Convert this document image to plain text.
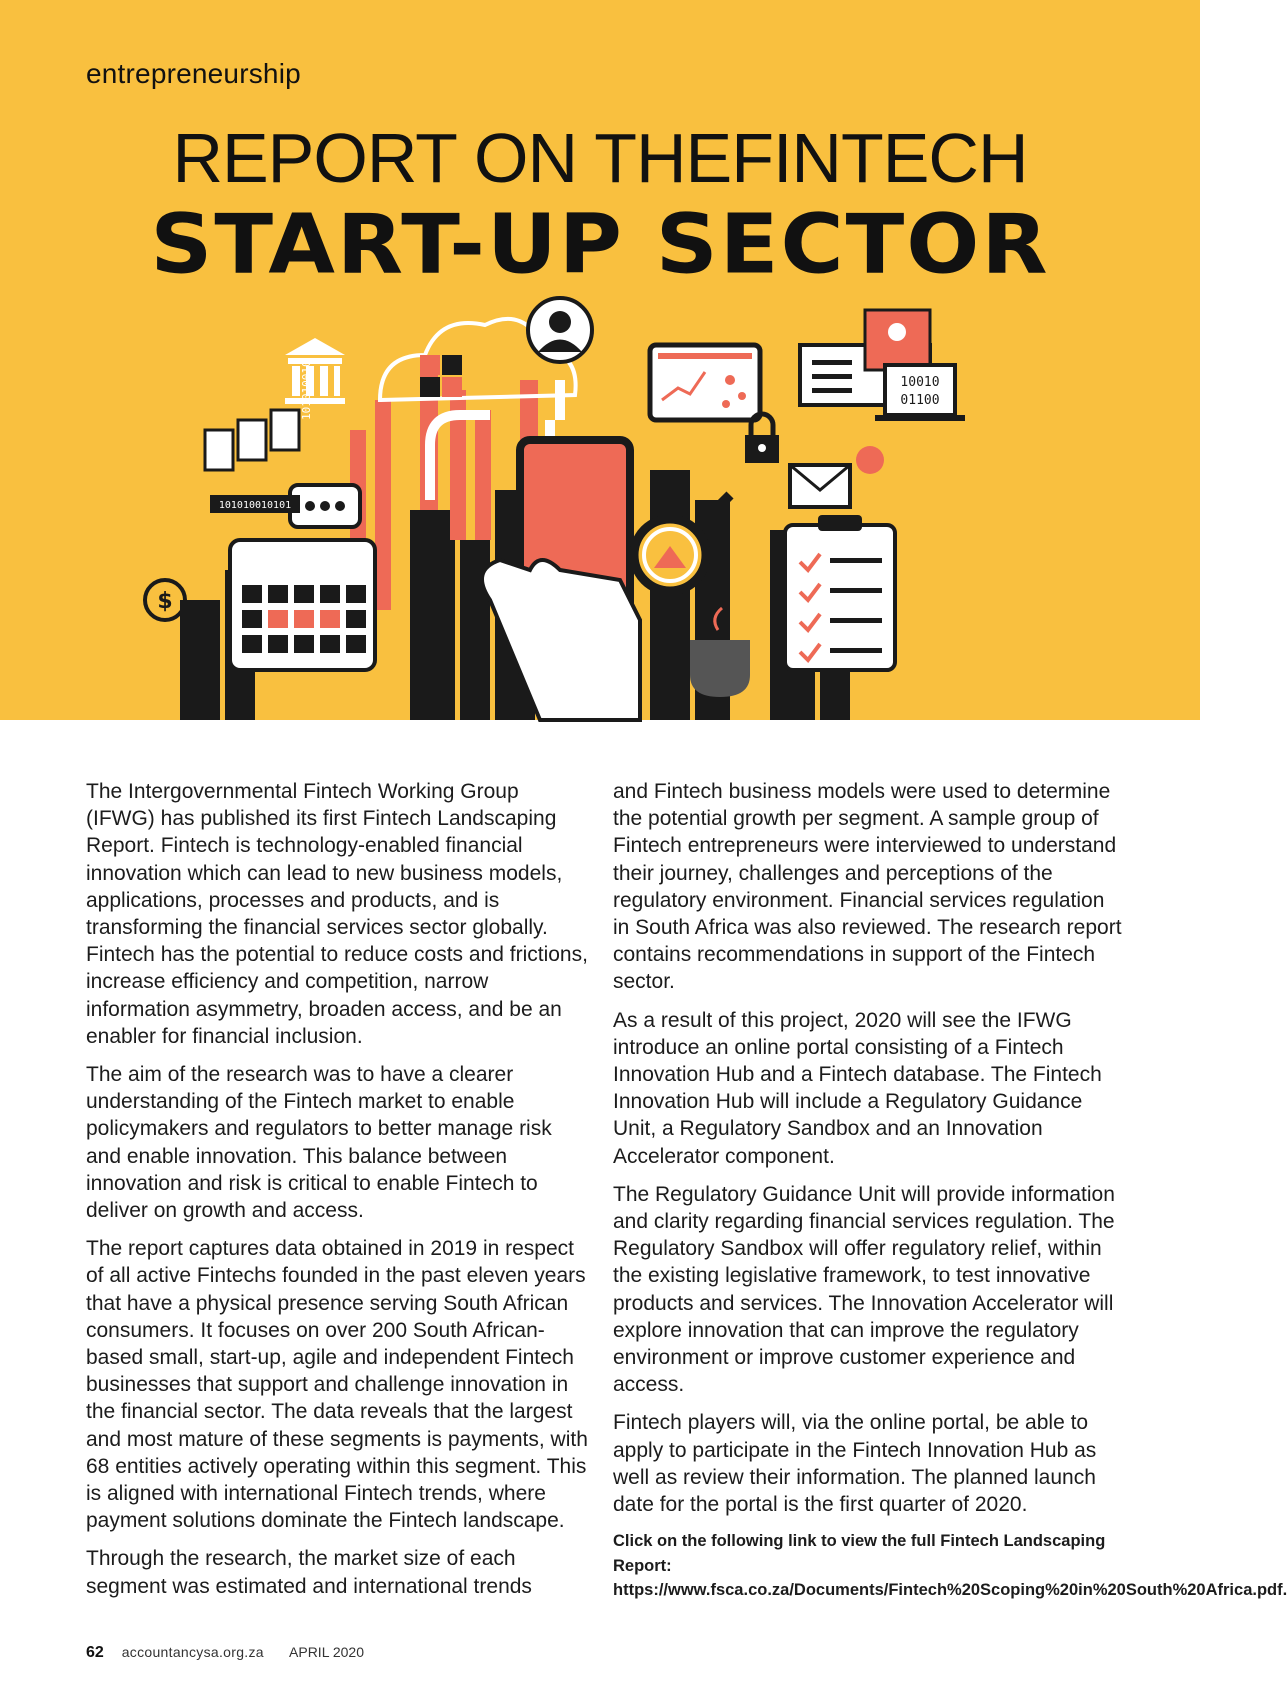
entrepreneurship
REPORT ON THEFINTECH
START-UP SECTOR
10010
01100
$
101010010101
101010010

The Intergovernmental Fintech Working Group (IFWG) has published its first Fintech Landscaping Report. Fintech is technology-enabled financial innovation which can lead to new business models, applications, processes and products, and is transforming the financial services sector globally. Fintech has the potential to reduce costs and frictions, increase efficiency and competition, narrow information asymmetry, broaden access, and be an enabler for financial inclusion.

The aim of the research was to have a clearer understanding of the Fintech market to enable policymakers and regulators to better manage risk and enable innovation. This balance between innovation and risk is critical to enable Fintech to deliver on growth and access.

The report captures data obtained in 2019 in respect of all active Fintechs founded in the past eleven years that have a physical presence serving South African consumers. It focuses on over 200 South African-based small, start-up, agile and independent Fintech businesses that support and challenge innovation in the financial sector. The data reveals that the largest and most mature of these segments is payments, with 68 entities actively operating within this segment. This is aligned with international Fintech trends, where payment solutions dominate the Fintech landscape.

Through the research, the market size of each segment was estimated and international trends

and Fintech business models were used to determine the potential growth per segment. A sample group of Fintech entrepreneurs were interviewed to understand their journey, challenges and perceptions of the regulatory environment. Financial services regulation in South Africa was also reviewed. The research report contains recommendations in support of the Fintech sector.

As a result of this project, 2020 will see the IFWG introduce an online portal consisting of a Fintech Innovation Hub and a Fintech database. The Fintech Innovation Hub will include a Regulatory Guidance Unit, a Regulatory Sandbox and an Innovation Accelerator component.

The Regulatory Guidance Unit will provide information and clarity regarding financial services regulation. The Regulatory Sandbox will offer regulatory relief, within the existing legislative framework, to test innovative products and services. The Innovation Accelerator will explore innovation that can improve the regulatory environment or improve customer experience and access.

Fintech players will, via the online portal, be able to apply to participate in the Fintech Innovation Hub as well as review their information. The planned launch date for the portal is the first quarter of 2020.

Click on the following link to view the full Fintech Landscaping Report: https://www.fsca.co.za/Documents/Fintech%20Scoping%20in%20South%20Africa.pdf.

62 accountancysa.org.za APRIL 2020
